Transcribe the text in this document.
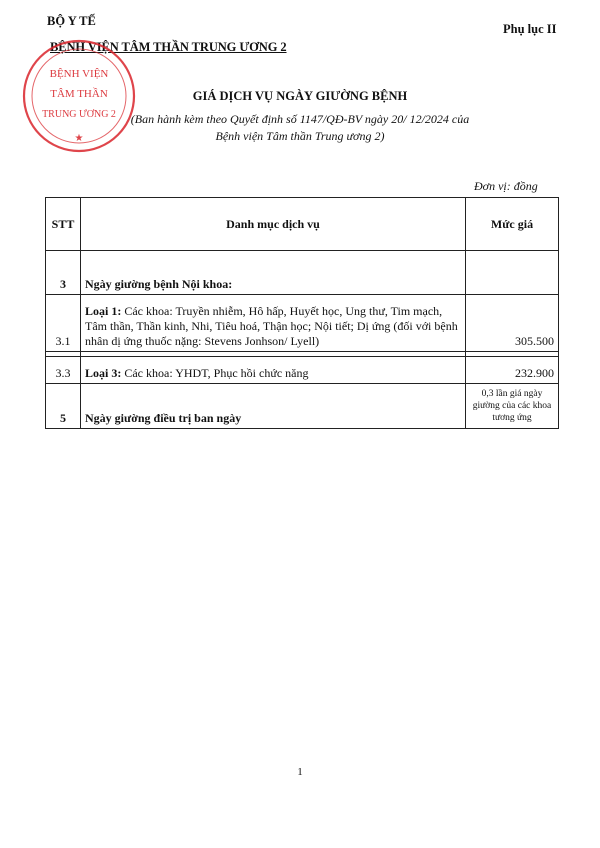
BỘ Y TẾ
BỆNH VIỆN TÂM THẦN TRUNG ƯƠNG 2
Phụ lục II
BỆNH VIỆN
TÂM THẦN
TRUNG ƯƠNG 2
★
GIÁ DỊCH VỤ NGÀY GIƯỜNG BỆNH
(Ban hành kèm theo Quyết định số 1147/QĐ-BV ngày 20/ 12/2024 của
Bệnh viện Tâm thần Trung ương 2)
Đơn vị: đồng
STT	Danh mục dịch vụ	Mức giá
3	Ngày giường bệnh Nội khoa:	
3.1	Loại 1: Các khoa: Truyền nhiễm, Hô hấp, Huyết học, Ung thư, Tim mạch, Tâm thần, Thần kinh, Nhi, Tiêu hoá, Thận học; Nội tiết; Dị ứng (đối với bệnh nhân dị ứng thuốc nặng: Stevens Jonhson/ Lyell)	305.500

3.3	Loại 3: Các khoa: YHDT, Phục hồi chức năng	232.900
5	Ngày giường điều trị ban ngày	0,3 lần giá ngày giường của các khoa tương ứng
1
